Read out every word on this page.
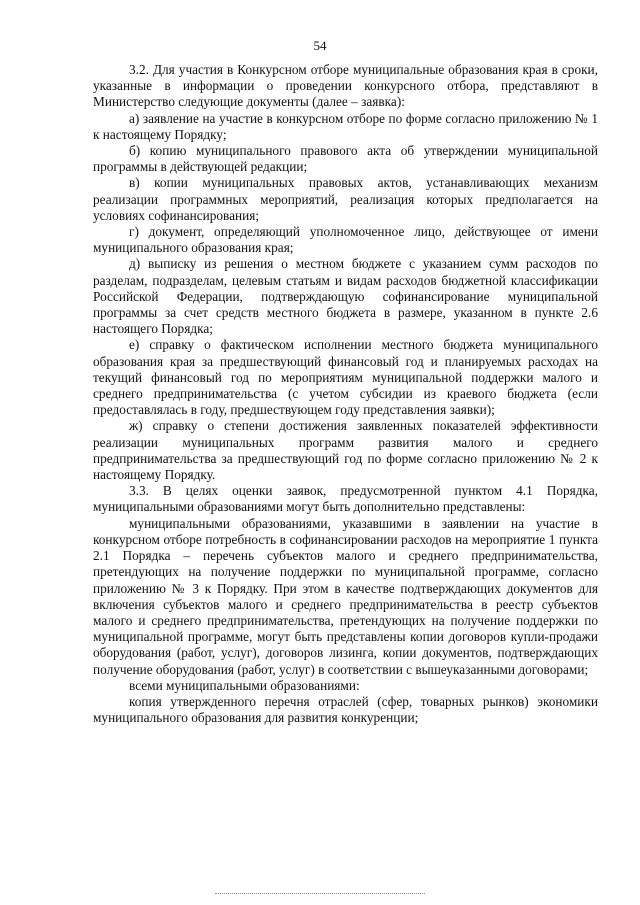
54

3.2. Для участия в Конкурсном отборе муниципальные образования края в сроки, указанные в информации о проведении конкурсного отбора, представляют в Министерство следующие документы (далее – заявка):

а) заявление на участие в конкурсном отборе по форме согласно приложению № 1 к настоящему Порядку;

б) копию муниципального правового акта об утверждении муниципальной программы в действующей редакции;

в) копии муниципальных правовых актов, устанавливающих механизм реализации программных мероприятий, реализация которых предполагается на условиях софинансирования;

г) документ, определяющий уполномоченное лицо, действующее от имени муниципального образования края;

д) выписку из решения о местном бюджете с указанием сумм расходов по разделам, подразделам, целевым статьям и видам расходов бюджетной классификации Российской Федерации, подтверждающую софинансирование муниципальной программы за счет средств местного бюджета в размере, указанном в пункте 2.6 настоящего Порядка;

е) справку о фактическом исполнении местного бюджета муниципального образования края за предшествующий финансовый год и планируемых расходах на текущий финансовый год по мероприятиям муниципальной поддержки малого и среднего предпринимательства (с учетом субсидии из краевого бюджета (если предоставлялась в году, предшествующем году представления заявки);

ж) справку о степени достижения заявленных показателей эффективности реализации муниципальных программ развития малого и среднего предпринимательства за предшествующий год по форме согласно приложению № 2 к настоящему Порядку.

3.3. В целях оценки заявок, предусмотренной пунктом 4.1 Порядка, муниципальными образованиями могут быть дополнительно представлены:

муниципальными образованиями, указавшими в заявлении на участие в конкурсном отборе потребность в софинансировании расходов на мероприятие 1 пункта 2.1 Порядка – перечень субъектов малого и среднего предпринимательства, претендующих на получение поддержки по муниципальной программе, согласно приложению № 3 к Порядку. При этом в качестве подтверждающих документов для включения субъектов малого и среднего предпринимательства в реестр субъектов малого и среднего предпринимательства, претендующих на получение поддержки по муниципальной программе, могут быть представлены копии договоров купли-продажи оборудования (работ, услуг), договоров лизинга, копии документов, подтверждающих получение оборудования (работ, услуг) в соответствии с вышеуказанными договорами;

всеми муниципальными образованиями:

копия утвержденного перечня отраслей (сфер, товарных рынков) экономики муниципального образования для развития конкуренции;
